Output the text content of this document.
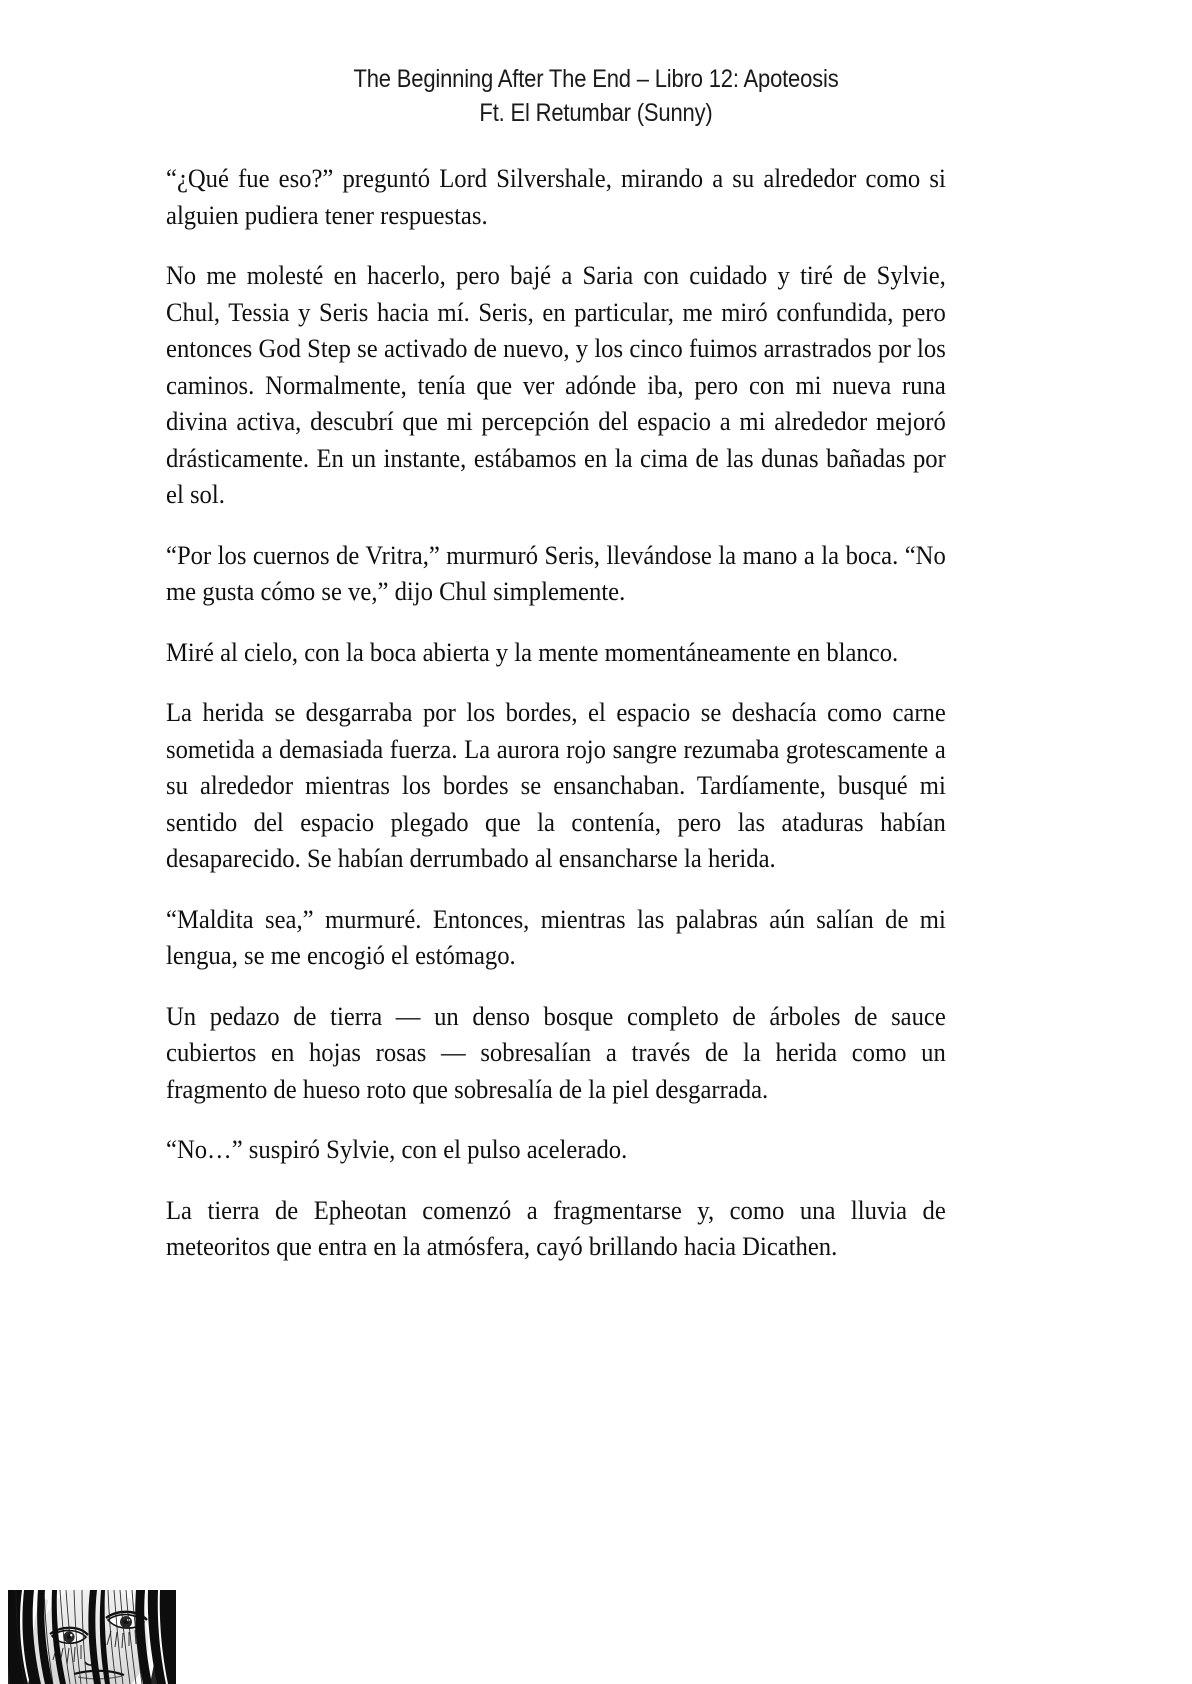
The Beginning After The End – Libro 12: Apoteosis
Ft. El Retumbar (Sunny)

“¿Qué fue eso?” preguntó Lord Silvershale, mirando a su alrededor como si alguien pudiera tener respuestas.

No me molesté en hacerlo, pero bajé a Saria con cuidado y tiré de Sylvie, Chul, Tessia y Seris hacia mí. Seris, en particular, me miró confundida, pero entonces God Step se activado de nuevo, y los cinco fuimos arrastrados por los caminos. Normalmente, tenía que ver adónde iba, pero con mi nueva runa divina activa, descubrí que mi percepción del espacio a mi alrededor mejoró drásticamente. En un instante, estábamos en la cima de las dunas bañadas por el sol.

“Por los cuernos de Vritra,” murmuró Seris, llevándose la mano a la boca. “No me gusta cómo se ve,” dijo Chul simplemente.

Miré al cielo, con la boca abierta y la mente momentáneamente en blanco.

La herida se desgarraba por los bordes, el espacio se deshacía como carne sometida a demasiada fuerza. La aurora rojo sangre rezumaba grotescamente a su alrededor mientras los bordes se ensanchaban. Tardíamente, busqué mi sentido del espacio plegado que la contenía, pero las ataduras habían desaparecido. Se habían derrumbado al ensancharse la herida.

“Maldita sea,” murmuré. Entonces, mientras las palabras aún salían de mi lengua, se me encogió el estómago.

Un pedazo de tierra — un denso bosque completo de árboles de sauce cubiertos en hojas rosas — sobresalían a través de la herida como un fragmento de hueso roto que sobresalía de la piel desgarrada.

“No…” suspiró Sylvie, con el pulso acelerado.

La tierra de Epheotan comenzó a fragmentarse y, como una lluvia de meteoritos que entra en la atmósfera, cayó brillando hacia Dicathen.
